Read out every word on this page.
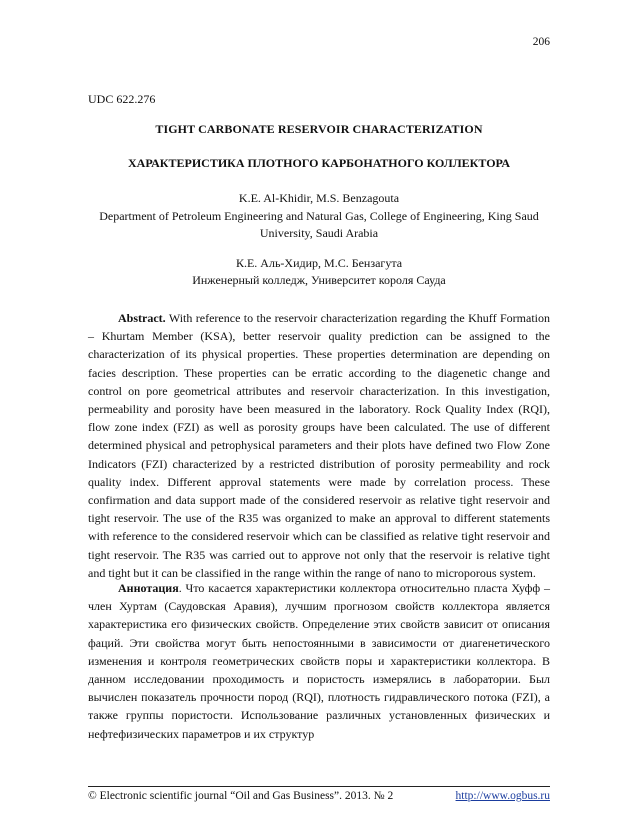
206
UDC 622.276
TIGHT CARBONATE RESERVOIR CHARACTERIZATION
ХАРАКТЕРИСТИКА ПЛОТНОГО КАРБОНАТНОГО КОЛЛЕКТОРА
K.E. Al-Khidir, M.S. Benzagouta
Department of Petroleum Engineering and Natural Gas, College of Engineering, King Saud University, Saudi Arabia
К.Е. Аль-Хидир, М.С. Бензагута
Инженерный колледж, Университет короля Сауда
Abstract. With reference to the reservoir characterization regarding the Khuff Formation – Khurtam Member (KSA), better reservoir quality prediction can be assigned to the characterization of its physical properties. These properties determination are depending on facies description. These properties can be erratic according to the diagenetic change and control on pore geometrical attributes and reservoir characterization. In this investigation, permeability and porosity have been measured in the laboratory. Rock Quality Index (RQI), flow zone index (FZI) as well as porosity groups have been calculated. The use of different determined physical and petrophysical parameters and their plots have defined two Flow Zone Indicators (FZI) characterized by a restricted distribution of porosity permeability and rock quality index. Different approval statements were made by correlation process. These confirmation and data support made of the considered reservoir as relative tight reservoir and tight reservoir. The use of the R35 was organized to make an approval to different statements with reference to the considered reservoir which can be classified as relative tight reservoir and tight reservoir. The R35 was carried out to approve not only that the reservoir is relative tight and tight but it can be classified in the range within the range of nano to microporous system.
Аннотация. Что касается характеристики коллектора относительно пласта Хуфф – член Хуртам (Саудовская Аравия), лучшим прогнозом свойств коллектора является характеристика его физических свойств. Определение этих свойств зависит от описания фаций. Эти свойства могут быть непостоянными в зависимости от диагенетического изменения и контроля геометрических свойств поры и характеристики коллектора. В данном исследовании проходимость и пористость измерялись в лаборатории. Был вычислен показатель прочности пород (RQI), плотность гидравлического потока (FZI), а также группы пористости. Использование различных установленных физических и нефтефизических параметров и их структур
© Electronic scientific journal “Oil and Gas Business”. 2013. № 2	http://www.ogbus.ru
